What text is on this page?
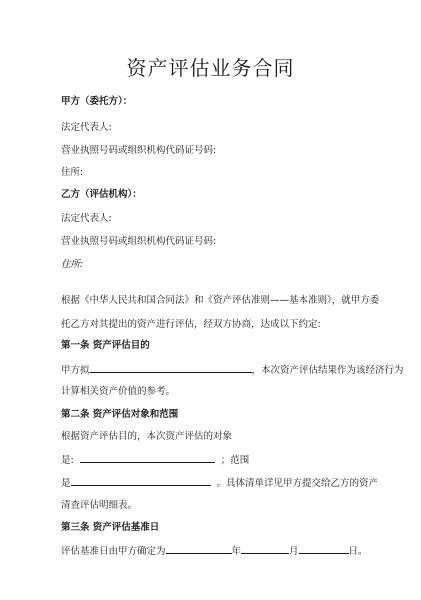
资产评估业务合同
甲方（委托方）：
法定代表人:
营业执照号码或组织机构代码证号码:
住所:
乙方（评估机构）：
法定代表人:
营业执照号码或组织机构代码证号码:
住所:
根据《中华人民共和国合同法》和《资产评估准则——基本准则》，就甲方委
托乙方对其提出的资产进行评估，经双方协商，达成以下约定:
第一条 资产评估目的
甲方拟	，本次资产评估结果作为该经济行为
计算相关资产价值的参考。
第二条 资产评估对象和范围
根据资产评估目的，本次资产评估的对象
是:	；范围
是	。具体清单详见甲方提交给乙方的资产
清查评估明细表。
第三条 资产评估基准日
评估基准日由甲方确定为	年	月	日。
